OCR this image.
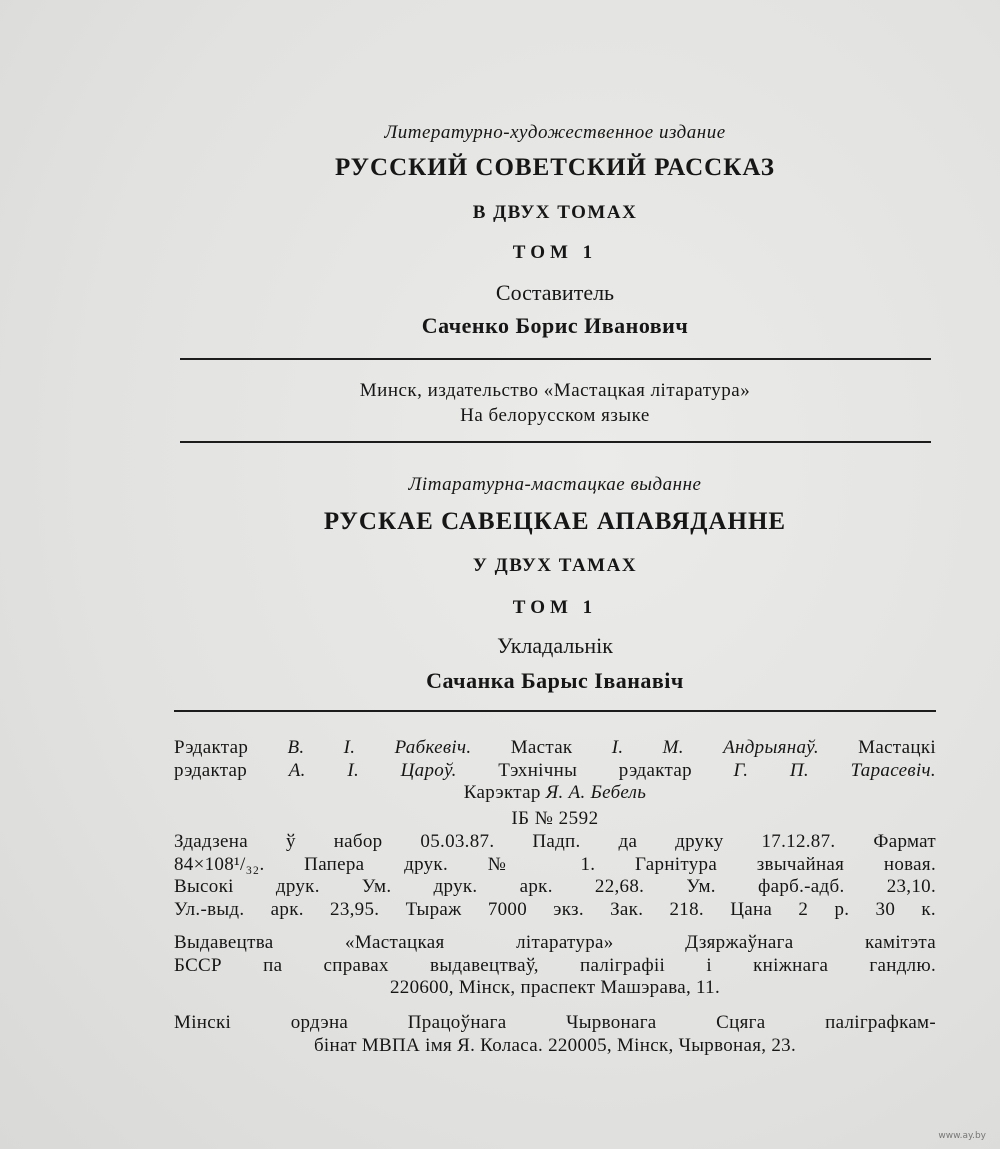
Литературно-художественное издание
РУССКИЙ СОВЕТСКИЙ РАССКАЗ
В ДВУХ ТОМАХ
ТОМ 1
Составитель
Саченко Борис Иванович
Минск, издательство «Мастацкая літаратура»
На белорусском языке
Літаратурна-мастацкае выданне
РУСКАЕ САВЕЦКАЕ АПАВЯДАННЕ
У ДВУХ ТАМАХ
ТОМ 1
Укладальнік
Сачанка Барыс Іванавіч
Рэдактар В. І. Рабкевіч. Мастак І. М. Андрыянаў. Мастацкі
рэдактар А. І. Цароў. Тэхнічны рэдактар Г. П. Тарасевіч.
Карэктар Я. А. Бебель
ІБ № 2592
Здадзена ў набор 05.03.87. Падп. да друку 17.12.87. Фармат
84×108¹/₃₂. Папера друк. № 1. Гарнітура звычайная новая.
Высокі друк. Ум. друк. арк. 22,68. Ум. фарб.-адб. 23,10.
Ул.-выд. арк. 23,95. Тыраж 7000 экз. Зак. 218. Цана 2 р. 30 к.
Выдавецтва «Мастацкая літаратура» Дзяржаўнага камітэта
БССР па справах выдавецтваў, паліграфіі і кніжнага гандлю.
220600, Мінск, праспект Машэрава, 11.
Мінскі ордэна Працоўнага Чырвонага Сцяга паліграфкам-
бінат МВПА імя Я. Коласа. 220005, Мінск, Чырвоная, 23.
www.ay.by
